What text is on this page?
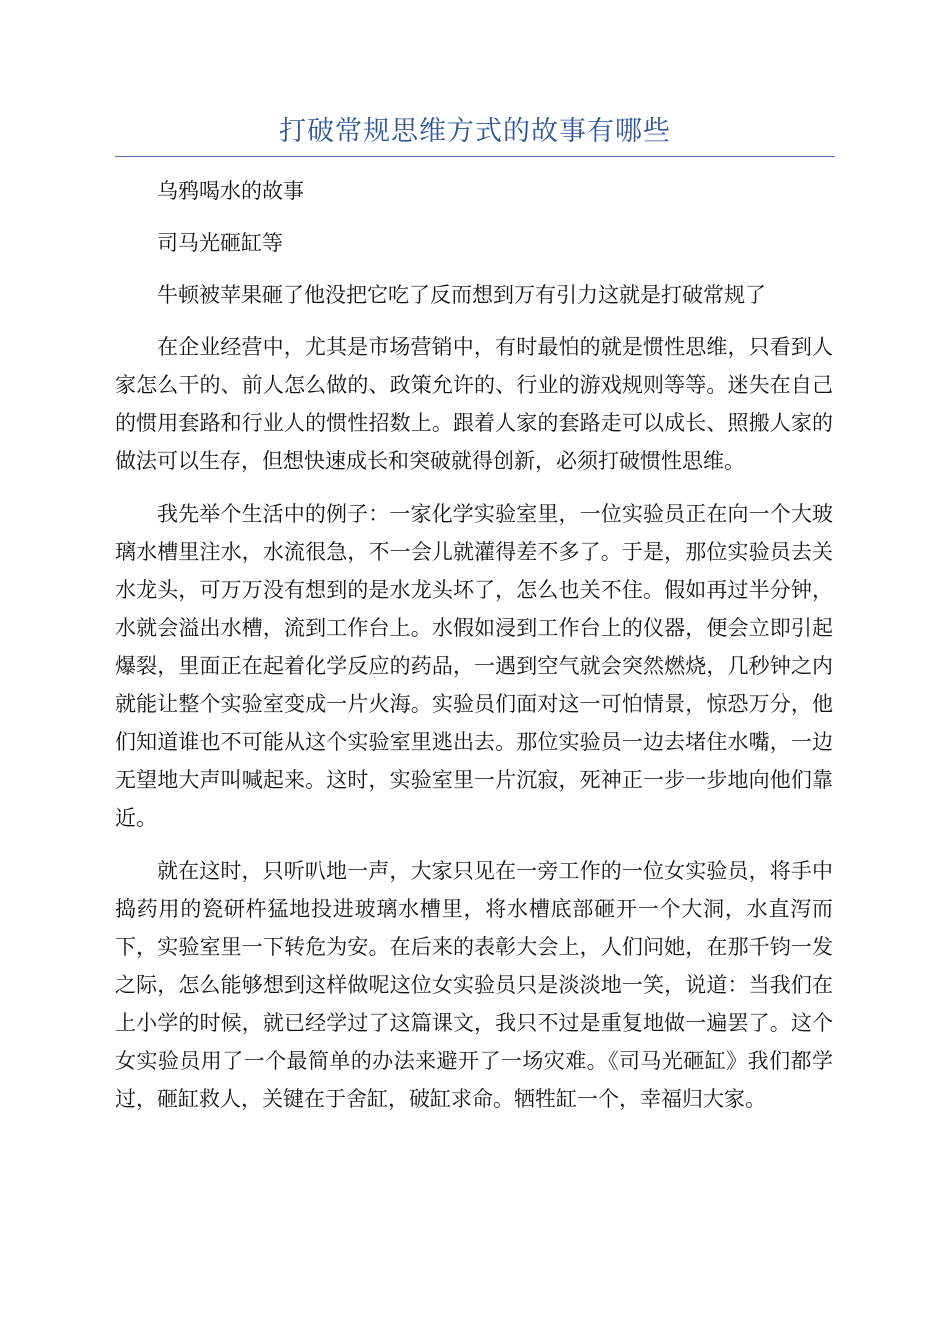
打破常规思维方式的故事有哪些

乌鸦喝水的故事

司马光砸缸等

牛顿被苹果砸了他没把它吃了反而想到万有引力这就是打破常规了

在企业经营中，尤其是市场营销中，有时最怕的就是惯性思维，只看到人家怎么干的、前人怎么做的、政策允许的、行业的游戏规则等等。迷失在自己的惯用套路和行业人的惯性招数上。跟着人家的套路走可以成长、照搬人家的做法可以生存，但想快速成长和突破就得创新，必须打破惯性思维。

我先举个生活中的例子：一家化学实验室里，一位实验员正在向一个大玻璃水槽里注水，水流很急，不一会儿就灌得差不多了。于是，那位实验员去关水龙头，可万万没有想到的是水龙头坏了，怎么也关不住。假如再过半分钟，水就会溢出水槽，流到工作台上。水假如浸到工作台上的仪器，便会立即引起爆裂，里面正在起着化学反应的药品，一遇到空气就会突然燃烧，几秒钟之内就能让整个实验室变成一片火海。实验员们面对这一可怕情景，惊恐万分，他们知道谁也不可能从这个实验室里逃出去。那位实验员一边去堵住水嘴，一边无望地大声叫喊起来。这时，实验室里一片沉寂，死神正一步一步地向他们靠近。

就在这时，只听叭地一声，大家只见在一旁工作的一位女实验员，将手中捣药用的瓷研杵猛地投进玻璃水槽里，将水槽底部砸开一个大洞，水直泻而下，实验室里一下转危为安。在后来的表彰大会上，人们问她，在那千钧一发之际，怎么能够想到这样做呢这位女实验员只是淡淡地一笑，说道：当我们在上小学的时候，就已经学过了这篇课文，我只不过是重复地做一遍罢了。这个女实验员用了一个最简单的办法来避开了一场灾难。《司马光砸缸》我们都学过，砸缸救人，关键在于舍缸，破缸求命。牺牲缸一个，幸福归大家。
